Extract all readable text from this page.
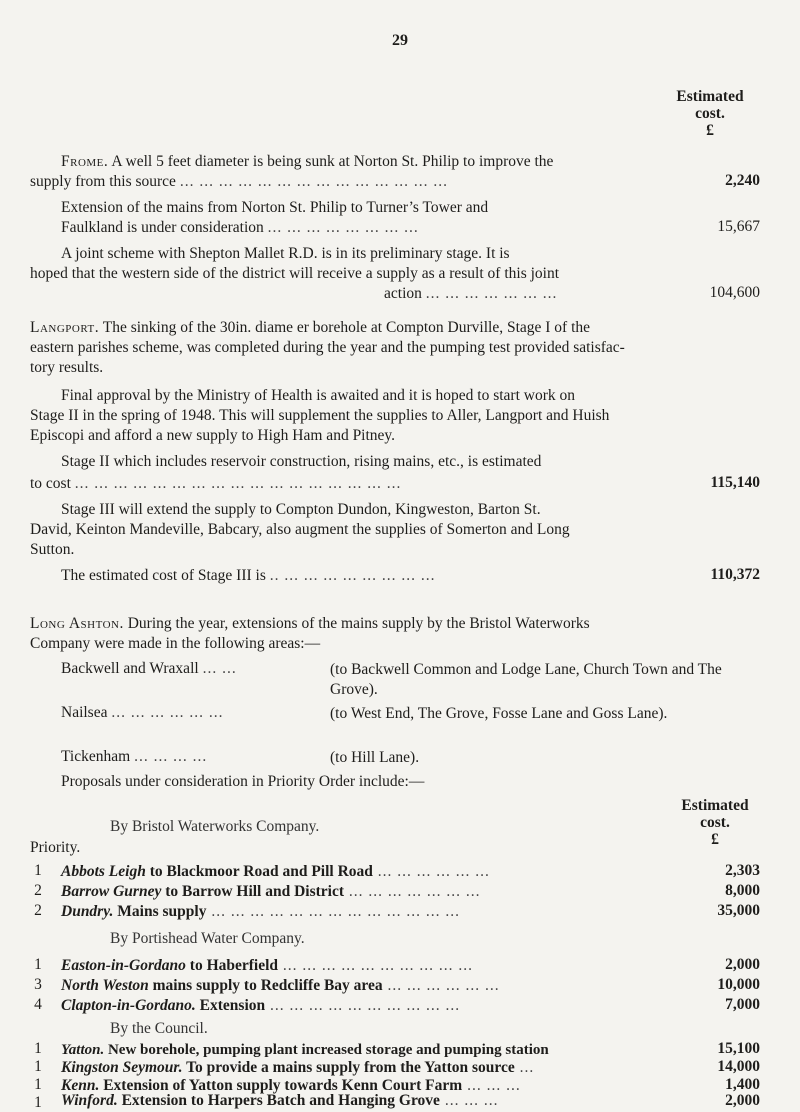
29
Estimated
cost.
£
Frome. A well 5 feet diameter is being sunk at Norton St. Philip to improve the
supply from this source ... ... ... ... ... ... ... ... ... ... ... ... ... ...	2,240
Extension of the mains from Norton St. Philip to Turner’s Tower and
Faulkland is under consideration ... ... ... ... ... ... ... ...	15,667
A joint scheme with Shepton Mallet R.D. is in its preliminary stage. It is
hoped that the western side of the district will receive a supply as a result of this joint
action ... ... ... ... ... ... ...	104,600
Langport. The sinking of the 30in. diame er borehole at Compton Durville, Stage I of the
eastern parishes scheme, was completed during the year and the pumping test provided satisfac-
tory results.
Final approval by the Ministry of Health is awaited and it is hoped to start work on
Stage II in the spring of 1948. This will supplement the supplies to Aller, Langport and Huish
Episcopi and afford a new supply to High Ham and Pitney.
Stage II which includes reservoir construction, rising mains, etc., is estimated
to cost ... ... ... ... ... ... ... ... ... ... ... ... ... ... ... ... ...	115,140
Stage III will extend the supply to Compton Dundon, Kingweston, Barton St.
David, Keinton Mandeville, Babcary, also augment the supplies of Somerton and Long
Sutton.
The estimated cost of Stage III is .. ... ... ... ... ... ... ... ...	110,372
Long Ashton. During the year, extensions of the mains supply by the Bristol Waterworks
Company were made in the following areas:—
Backwell and Wraxall ... ...	(to Backwell Common and Lodge Lane, Church Town and The Grove).
Nailsea ... ... ... ... ... ...	(to West End, The Grove, Fosse Lane and Goss Lane).
Tickenham ... ... ... ...	(to Hill Lane).
Proposals under consideration in Priority Order include:—
Estimated
cost.
£
By Bristol Waterworks Company.
Priority.
1	Abbots Leigh to Blackmoor Road and Pill Road ... ... ... ... ... ...	2,303
2	Barrow Gurney to Barrow Hill and District ... ... ... ... ... ... ...	8,000
2	Dundry. Mains supply ... ... ... ... ... ... ... ... ... ... ... ... ...	35,000
By Portishead Water Company.
1	Easton-in-Gordano to Haberfield ... ... ... ... ... ... ... ... ... ...	2,000
3	North Weston mains supply to Redcliffe Bay area ... ... ... ... ... ...	10,000
4	Clapton-in-Gordano. Extension ... ... ... ... ... ... ... ... ... ...	7,000
By the Council.
1	Yatton. New borehole, pumping plant increased storage and pumping station	15,100
1	Kingston Seymour. To provide a mains supply from the Yatton source ...	14,000
1	Kenn. Extension of Yatton supply towards Kenn Court Farm ... ... ...	1,400
1	Winford. Extension to Harpers Batch and Hanging Grove ... ... ...	2,000
